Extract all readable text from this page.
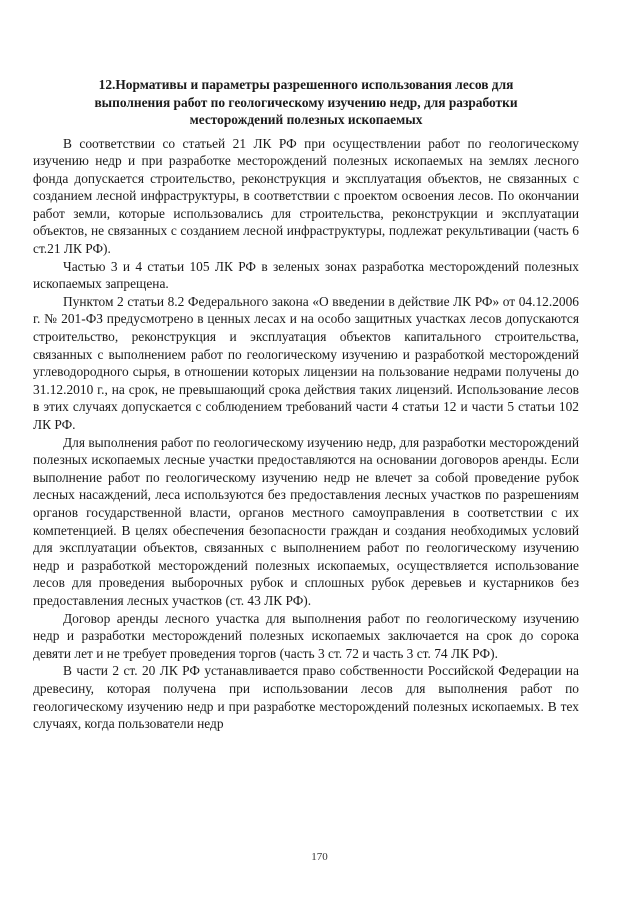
12.Нормативы и параметры разрешенного использования лесов для
выполнения работ по геологическому изучению недр, для разработки
месторождений полезных ископаемых

В соответствии со статьей 21 ЛК РФ при осуществлении работ по геологическому изучению недр и при разработке месторождений полезных ископаемых на землях лесного фонда допускается строительство, реконструкция и эксплуатация объектов, не связанных с созданием лесной инфраструктуры, в соответствии с проектом освоения лесов. По окончании работ земли, которые использовались для строительства, реконструкции и эксплуатации объектов, не связанных с созданием лесной инфраструктуры, подлежат рекультивации (часть 6 ст.21 ЛК РФ).

Частью 3 и 4 статьи 105 ЛК РФ в зеленых зонах разработка месторождений полезных ископаемых запрещена.

Пунктом 2 статьи 8.2 Федерального закона «О введении в действие ЛК РФ» от 04.12.2006 г. № 201-ФЗ предусмотрено в ценных лесах и на особо защитных участках лесов допускаются строительство, реконструкция и эксплуатация объектов капитального строительства, связанных с выполнением работ по геологическому изучению и разработкой месторождений углеводородного сырья, в отношении которых лицензии на пользование недрами получены до 31.12.2010 г., на срок, не превышающий срока действия таких лицензий. Использование лесов в этих случаях допускается с соблюдением требований части 4 статьи 12 и части 5 статьи 102 ЛК РФ.

Для выполнения работ по геологическому изучению недр, для разработки месторождений полезных ископаемых лесные участки предоставляются на основании договоров аренды. Если выполнение работ по геологическому изучению недр не влечет за собой проведение рубок лесных насаждений, леса используются без предоставления лесных участков по разрешениям органов государственной власти, органов местного самоуправления в соответствии с их компетенцией. В целях обеспечения безопасности граждан и создания необходимых условий для эксплуатации объектов, связанных с выполнением работ по геологическому изучению недр и разработкой месторождений полезных ископаемых, осуществляется использование лесов для проведения выборочных рубок и сплошных рубок деревьев и кустарников без предоставления лесных участков (ст. 43 ЛК РФ).

Договор аренды лесного участка для выполнения работ по геологическому изучению недр и разработки месторождений полезных ископаемых заключается на срок до сорока девяти лет и не требует проведения торгов (часть 3 ст. 72 и часть 3 ст. 74 ЛК РФ).

В части 2 ст. 20 ЛК РФ устанавливается право собственности Российской Федерации на древесину, которая получена при использовании лесов для выполнения работ по геологическому изучению недр и при разработке месторождений полезных ископаемых. В тех случаях, когда пользователи недр

170
